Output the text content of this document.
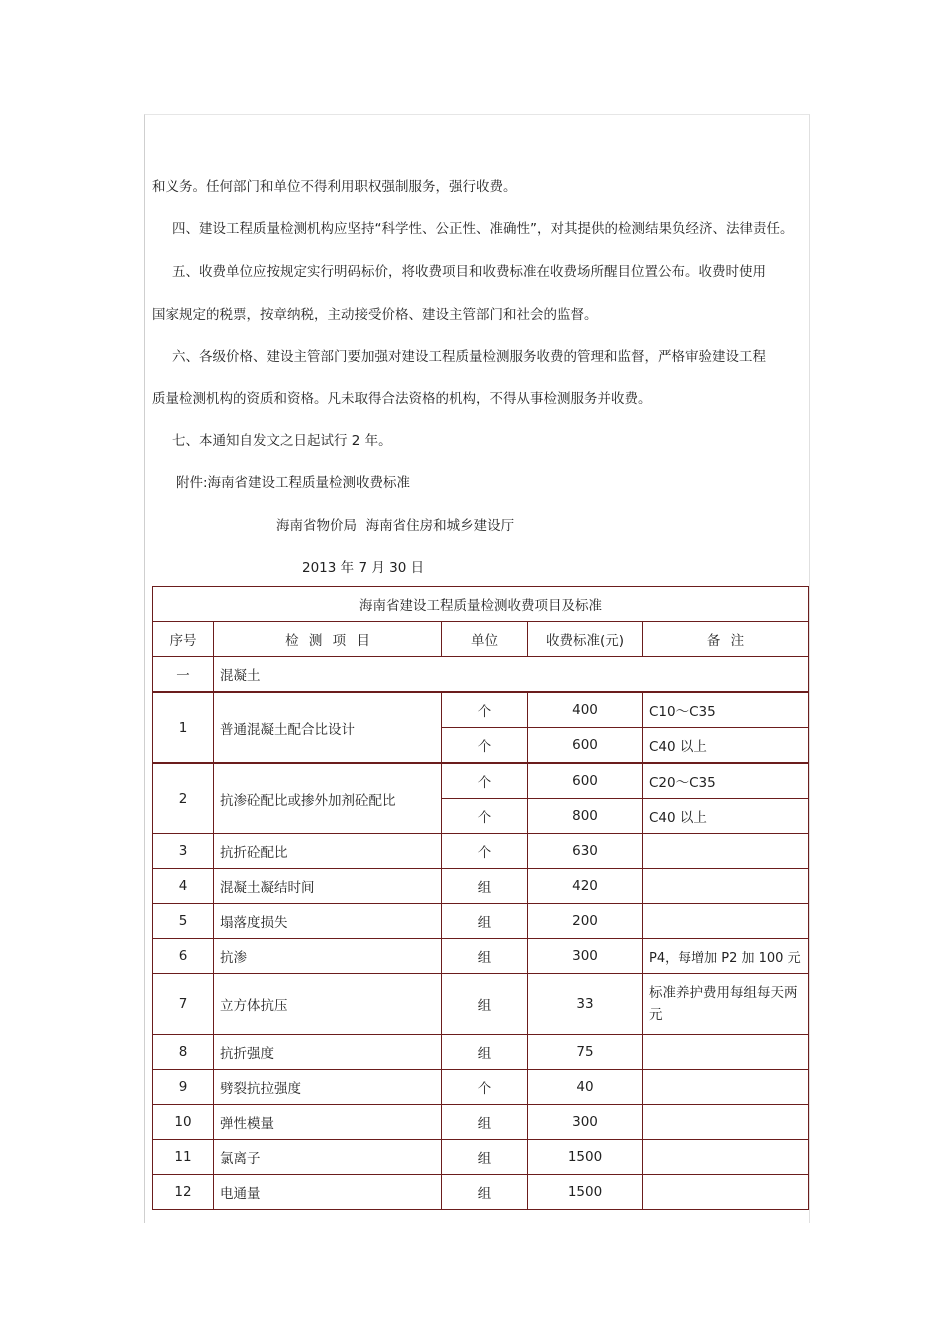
和义务。任何部门和单位不得利用职权强制服务，强行收费。
四、建设工程质量检测机构应坚持“科学性、公正性、准确性”，对其提供的检测结果负经济、法律责任。
五、收费单位应按规定实行明码标价，将收费项目和收费标准在收费场所醒目位置公布。收费时使用
国家规定的税票，按章纳税，主动接受价格、建设主管部门和社会的监督。
六、各级价格、建设主管部门要加强对建设工程质量检测服务收费的管理和监督，严格审验建设工程
质量检测机构的资质和资格。凡未取得合法资格的机构，不得从事检测服务并收费。
七、本通知自发文之日起试行 2 年。
附件:海南省建设工程质量检测收费标准
海南省物价局  海南省住房和城乡建设厅
2013 年 7 月 30 日
海南省建设工程质量检测收费项目及标准				
序号	检 测 项 目	单位	收费标准(元)	备 注
一	混凝土			
1	普通混凝土配合比设计	个	400	C10～C35
		个	600	C40 以上
2	抗渗砼配比或掺外加剂砼配比	个	600	C20～C35
		个	800	C40 以上
3	抗折砼配比	个	630	
4	混凝土凝结时间	组	420	
5	塌落度损失	组	200	
6	抗渗	组	300	P4，每增加 P2 加 100 元
7	立方体抗压	组	33	标准养护费用每组每天两元
8	抗折强度	组	75	
9	劈裂抗拉强度	个	40	
10	弹性模量	组	300	
11	氯离子	组	1500	
12	电通量	组	1500	
